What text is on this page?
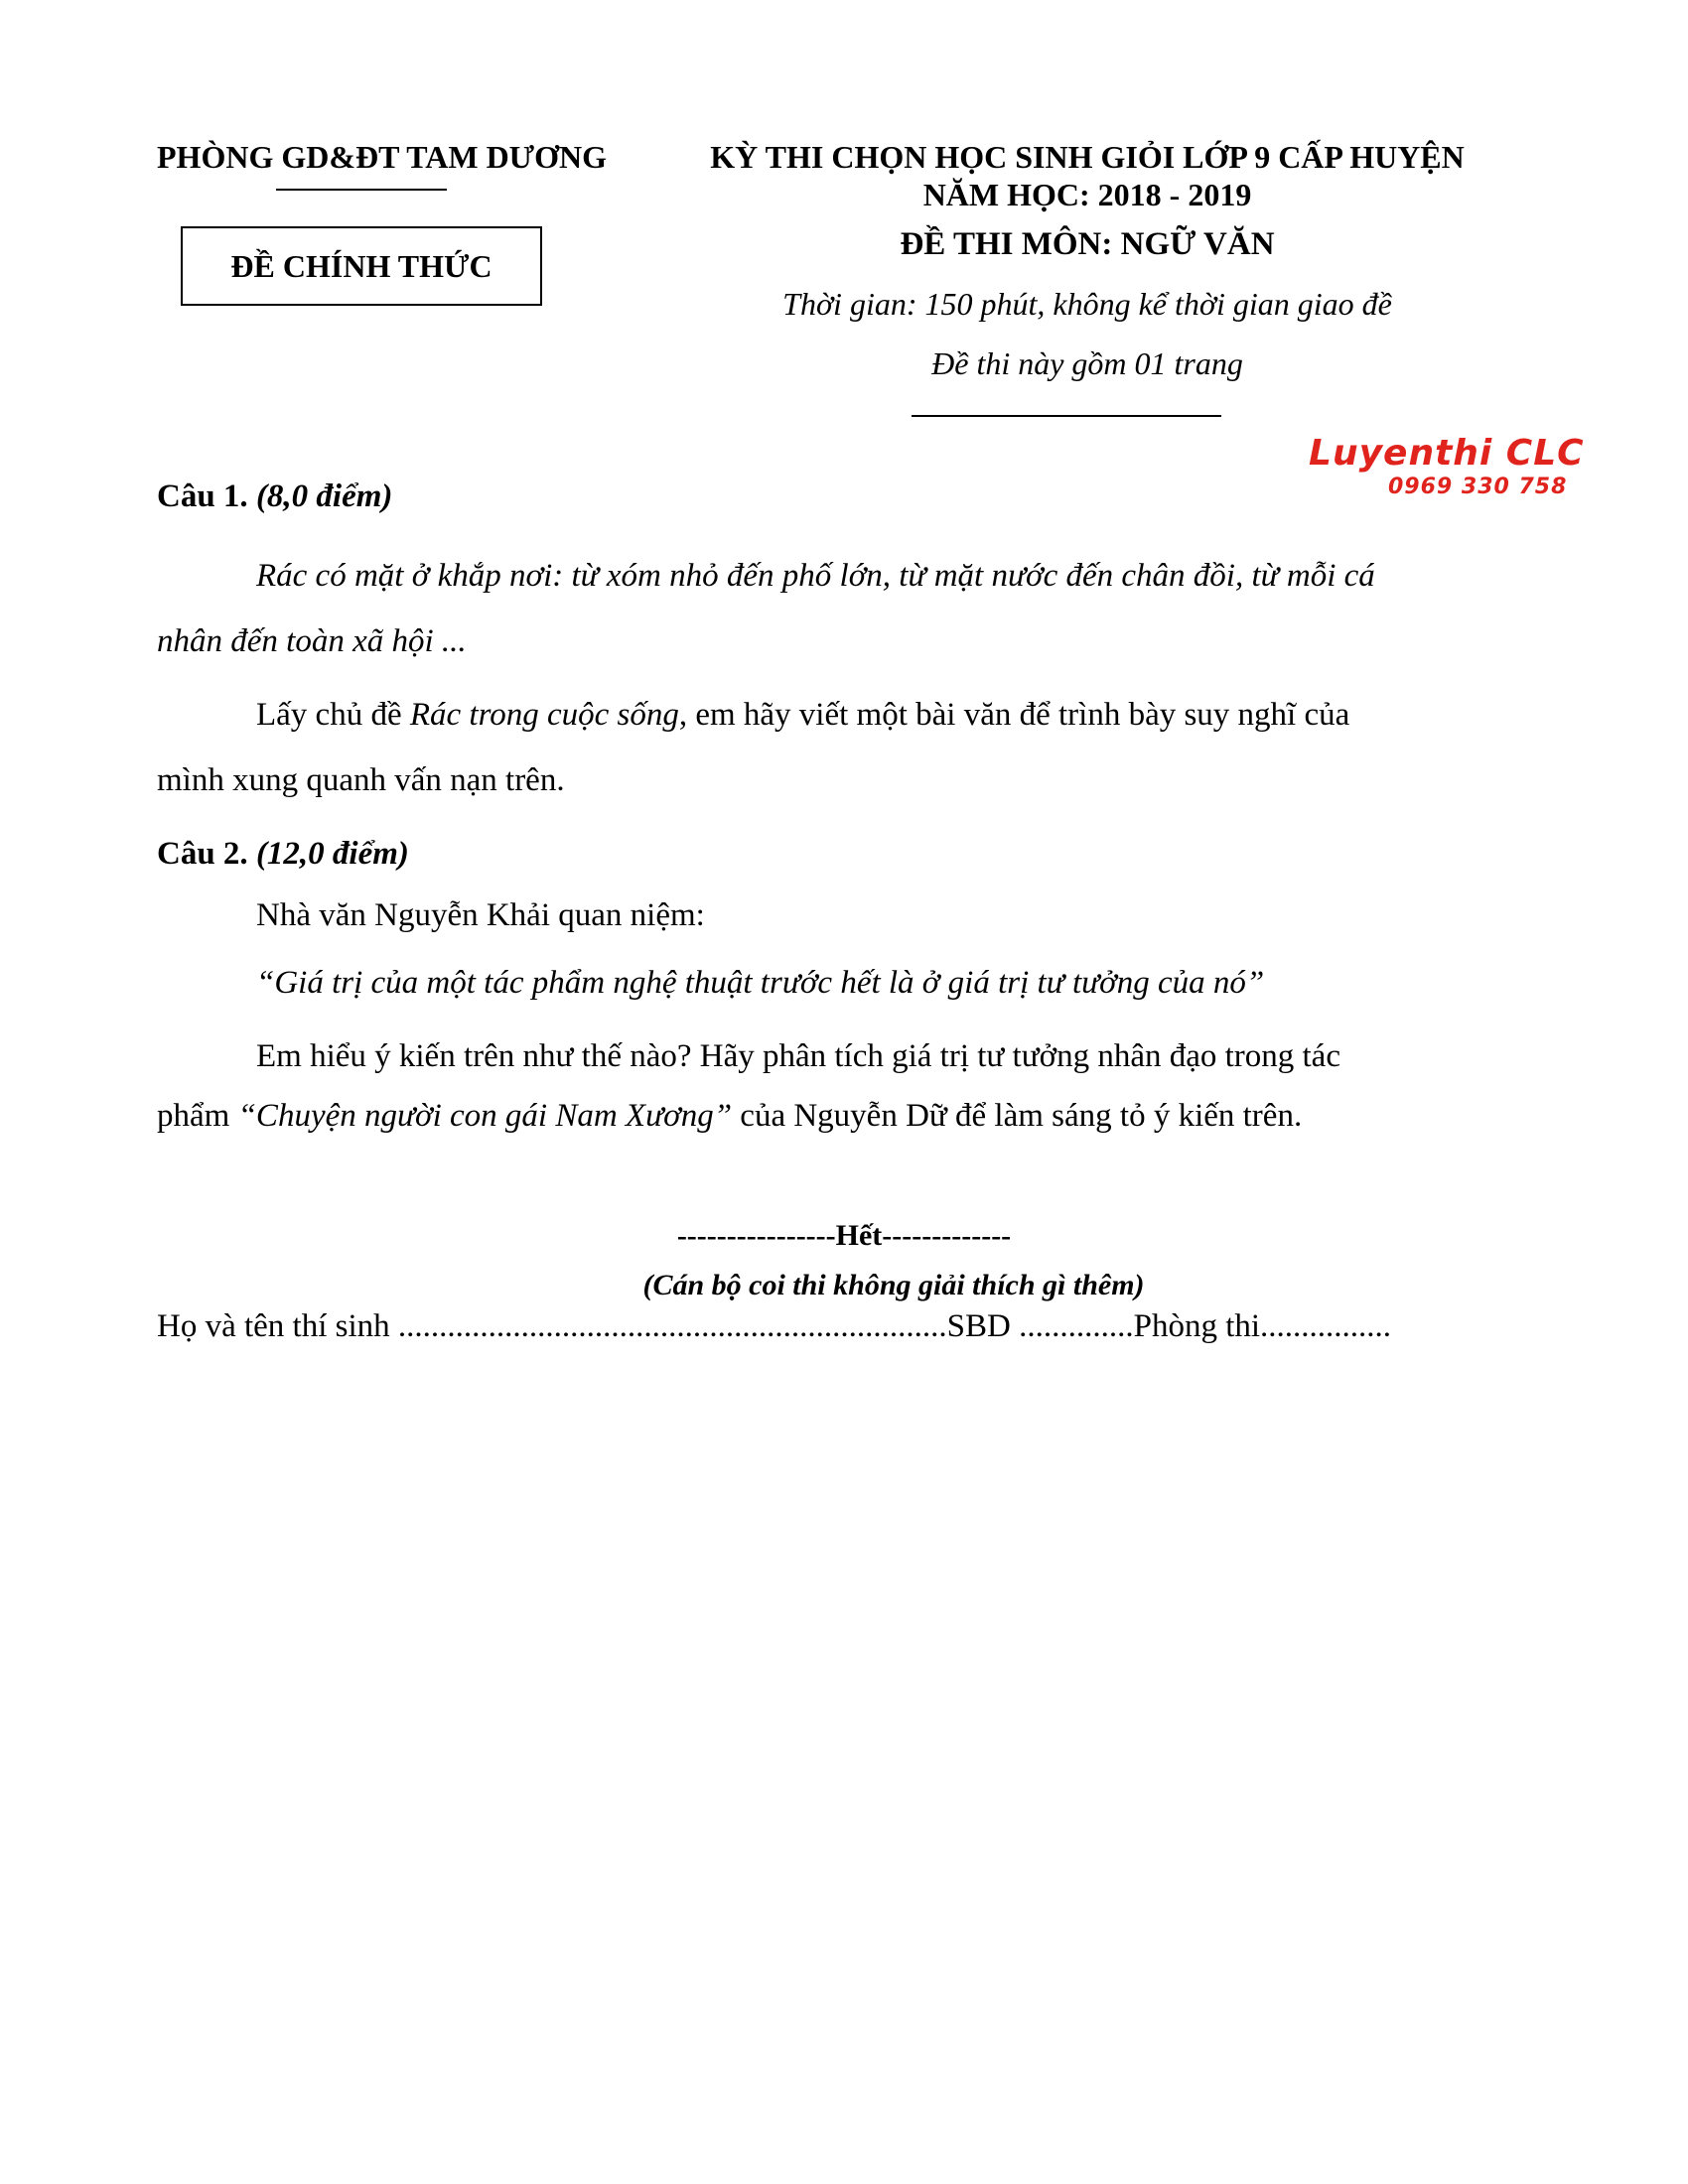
PHÒNG GD&ĐT TAM DƯƠNG
ĐỀ CHÍNH THỨC
KỲ THI CHỌN HỌC SINH GIỎI LỚP 9 CẤP HUYỆN
NĂM HỌC: 2018 - 2019
ĐỀ THI MÔN: NGỮ VĂN
Thời gian: 150 phút, không kể thời gian giao đề
Đề thi này gồm 01 trang
Luyenthi CLC
0969 330 758
Câu 1. (8,0 điểm)
Rác có mặt ở khắp nơi: từ xóm nhỏ đến phố lớn, từ mặt nước đến chân đồi, từ mỗi cá
nhân đến toàn xã hội ...
Lấy chủ đề Rác trong cuộc sống, em hãy viết một bài văn để trình bày suy nghĩ của
mình xung quanh vấn nạn trên.
Câu 2. (12,0 điểm)
Nhà văn Nguyễn Khải quan niệm:
“Giá trị của một tác phẩm nghệ thuật trước hết là ở giá trị tư tưởng của nó”
Em hiểu ý kiến trên như thế nào? Hãy phân tích giá trị tư tưởng nhân đạo trong tác
phẩm “Chuyện người con gái Nam Xương” của Nguyễn Dữ để làm sáng tỏ ý kiến trên.
----------------Hết-------------
(Cán bộ coi thi không giải thích gì thêm)
Họ và tên thí sinh ...................................................................SBD ..............Phòng thi................
